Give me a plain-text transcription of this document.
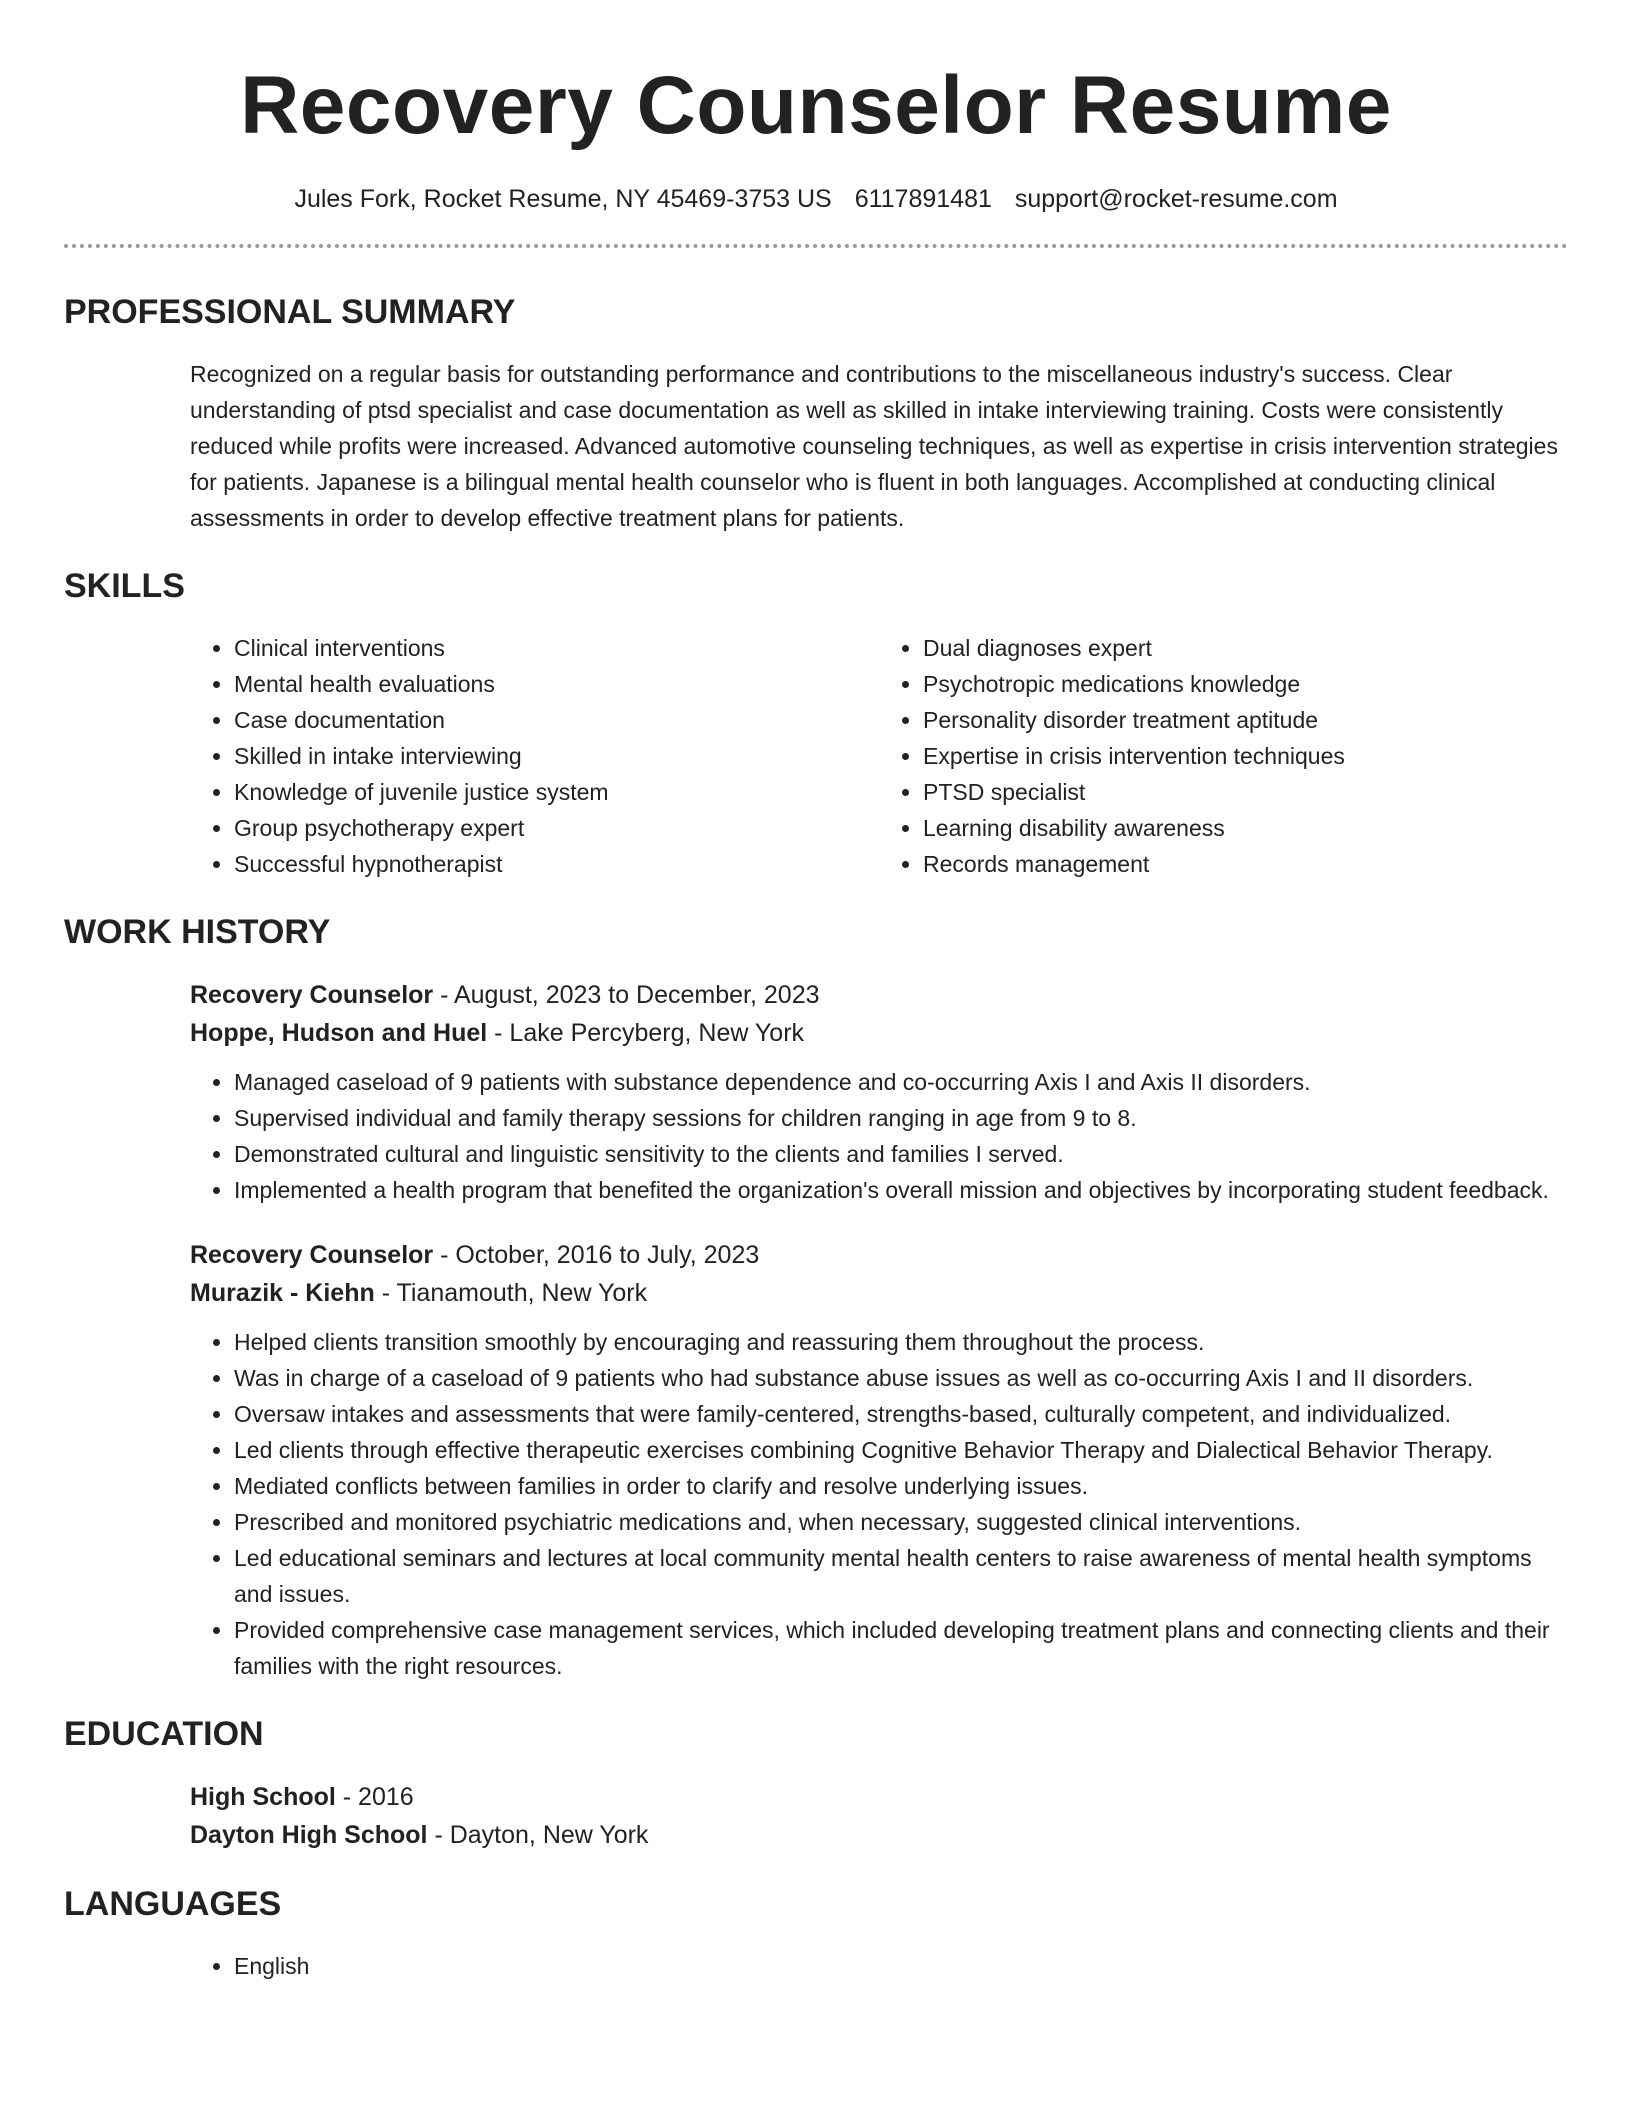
Recovery Counselor Resume
Jules Fork, Rocket Resume, NY 45469-3753 US 6117891481 support@rocket-resume.com
PROFESSIONAL SUMMARY

Recognized on a regular basis for outstanding performance and contributions to the miscellaneous industry's success. Clear understanding of ptsd specialist and case documentation as well as skilled in intake interviewing training. Costs were consistently reduced while profits were increased. Advanced automotive counseling techniques, as well as expertise in crisis intervention strategies for patients. Japanese is a bilingual mental health counselor who is fluent in both languages. Accomplished at conducting clinical assessments in order to develop effective treatment plans for patients.

SKILLS
• Clinical interventions
• Mental health evaluations
• Case documentation
• Skilled in intake interviewing
• Knowledge of juvenile justice system
• Group psychotherapy expert
• Successful hypnotherapist
• Dual diagnoses expert
• Psychotropic medications knowledge
• Personality disorder treatment aptitude
• Expertise in crisis intervention techniques
• PTSD specialist
• Learning disability awareness
• Records management
WORK HISTORY
Recovery Counselor - August, 2023 to December, 2023
Hoppe, Hudson and Huel - Lake Percyberg, New York
• Managed caseload of 9 patients with substance dependence and co-occurring Axis I and Axis II disorders.
• Supervised individual and family therapy sessions for children ranging in age from 9 to 8.
• Demonstrated cultural and linguistic sensitivity to the clients and families I served.
• Implemented a health program that benefited the organization's overall mission and objectives by incorporating student feedback.
Recovery Counselor - October, 2016 to July, 2023
Murazik - Kiehn - Tianamouth, New York
• Helped clients transition smoothly by encouraging and reassuring them throughout the process.
• Was in charge of a caseload of 9 patients who had substance abuse issues as well as co-occurring Axis I and II disorders.
• Oversaw intakes and assessments that were family-centered, strengths-based, culturally competent, and individualized.
• Led clients through effective therapeutic exercises combining Cognitive Behavior Therapy and Dialectical Behavior Therapy.
• Mediated conflicts between families in order to clarify and resolve underlying issues.
• Prescribed and monitored psychiatric medications and, when necessary, suggested clinical interventions.
• Led educational seminars and lectures at local community mental health centers to raise awareness of mental health symptoms and issues.
• Provided comprehensive case management services, which included developing treatment plans and connecting clients and their families with the right resources.
EDUCATION
High School - 2016
Dayton High School - Dayton, New York
LANGUAGES
• English
